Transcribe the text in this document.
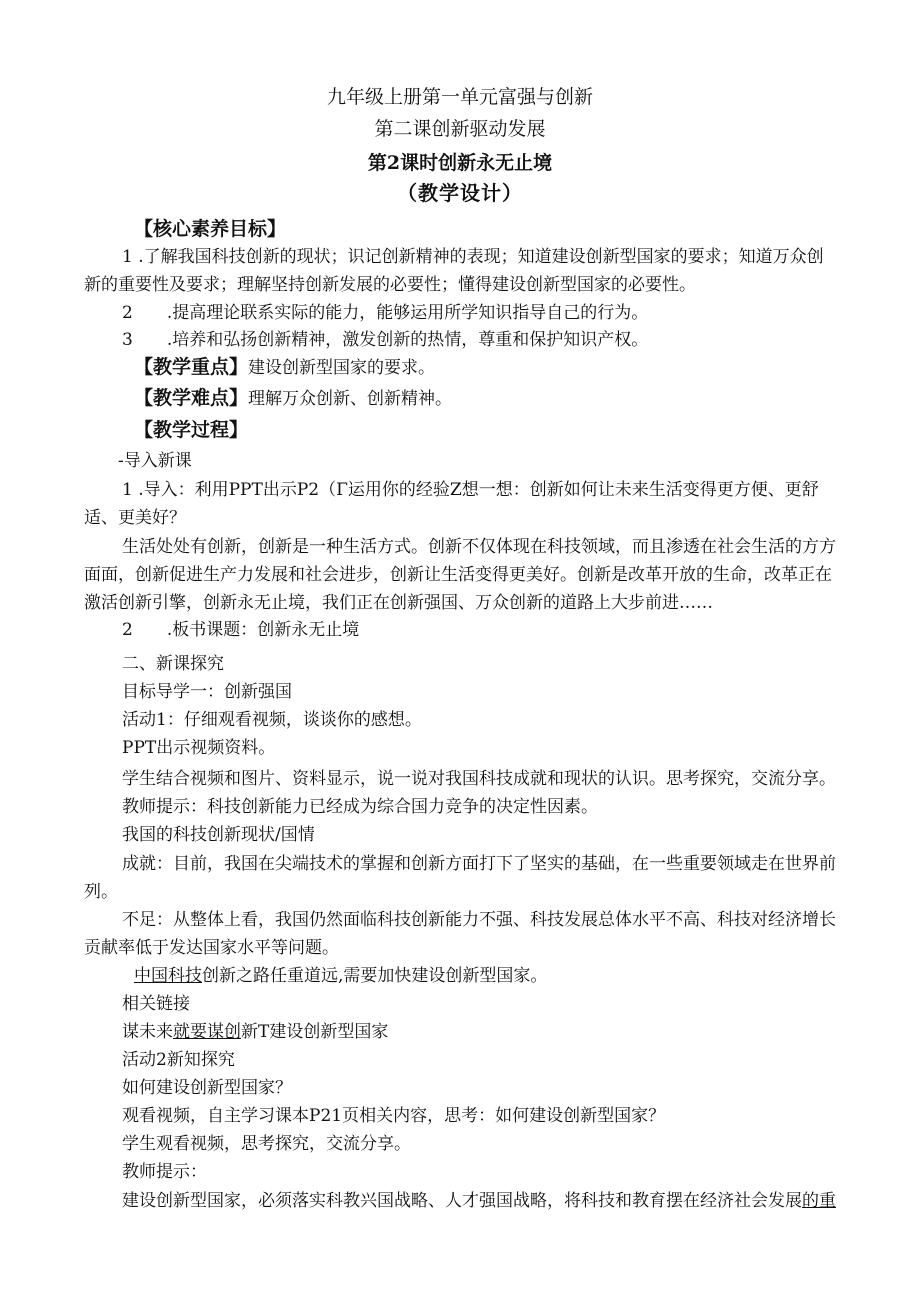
九年级上册第一单元富强与创新
第二课创新驱动发展
第2课时创新永无止境
（教学设计）
【核心素养目标】
1 .了解我国科技创新的现状；识记创新精神的表现；知道建设创新型国家的要求；知道万众创
新的重要性及要求；理解坚持创新发展的必要性；懂得建设创新型国家的必要性。
2　　.提高理论联系实际的能力，能够运用所学知识指导自己的行为。
3　　.培养和弘扬创新精神，激发创新的热情，尊重和保护知识产权。
【教学重点】建设创新型国家的要求。
【教学难点】理解万众创新、创新精神。
【教学过程】
-导入新课
1 .导入：利用PPT出示P2（Γ运用你的经验Z想一想：创新如何让未来生活变得更方便、更舒
适、更美好？
生活处处有创新，创新是一种生活方式。创新不仅体现在科技领域，而且渗透在社会生活的方方
面面，创新促进生产力发展和社会进步，创新让生活变得更美好。创新是改革开放的生命，改革正在
激活创新引擎，创新永无止境，我们正在创新强国、万众创新的道路上大步前进……
2　　.板书课题：创新永无止境
二、新课探究
目标导学一：创新强国
活动1：仔细观看视频，谈谈你的感想。
PPT出示视频资料。
学生结合视频和图片、资料显示，说一说对我国科技成就和现状的认识。思考探究，交流分享。
教师提示：科技创新能力已经成为综合国力竞争的决定性因素。
我国的科技创新现状/国情
成就：目前，我国在尖端技术的掌握和创新方面打下了坚实的基础，在一些重要领域走在世界前
列。
不足：从整体上看，我国仍然面临科技创新能力不强、科技发展总体水平不高、科技对经济增长
贡献率低于发达国家水平等问题。
中国科技创新之路任重道远,需要加快建设创新型国家。
相关链接
谋未来就要谋创新T建设创新型国家
活动2新知探究
如何建设创新型国家？
观看视频，自主学习课本P21页相关内容，思考：如何建设创新型国家？
学生观看视频，思考探究，交流分享。
教师提示：
建设创新型国家，必须落实科教兴国战略、人才强国战略，将科技和教育摆在经济社会发展的重
